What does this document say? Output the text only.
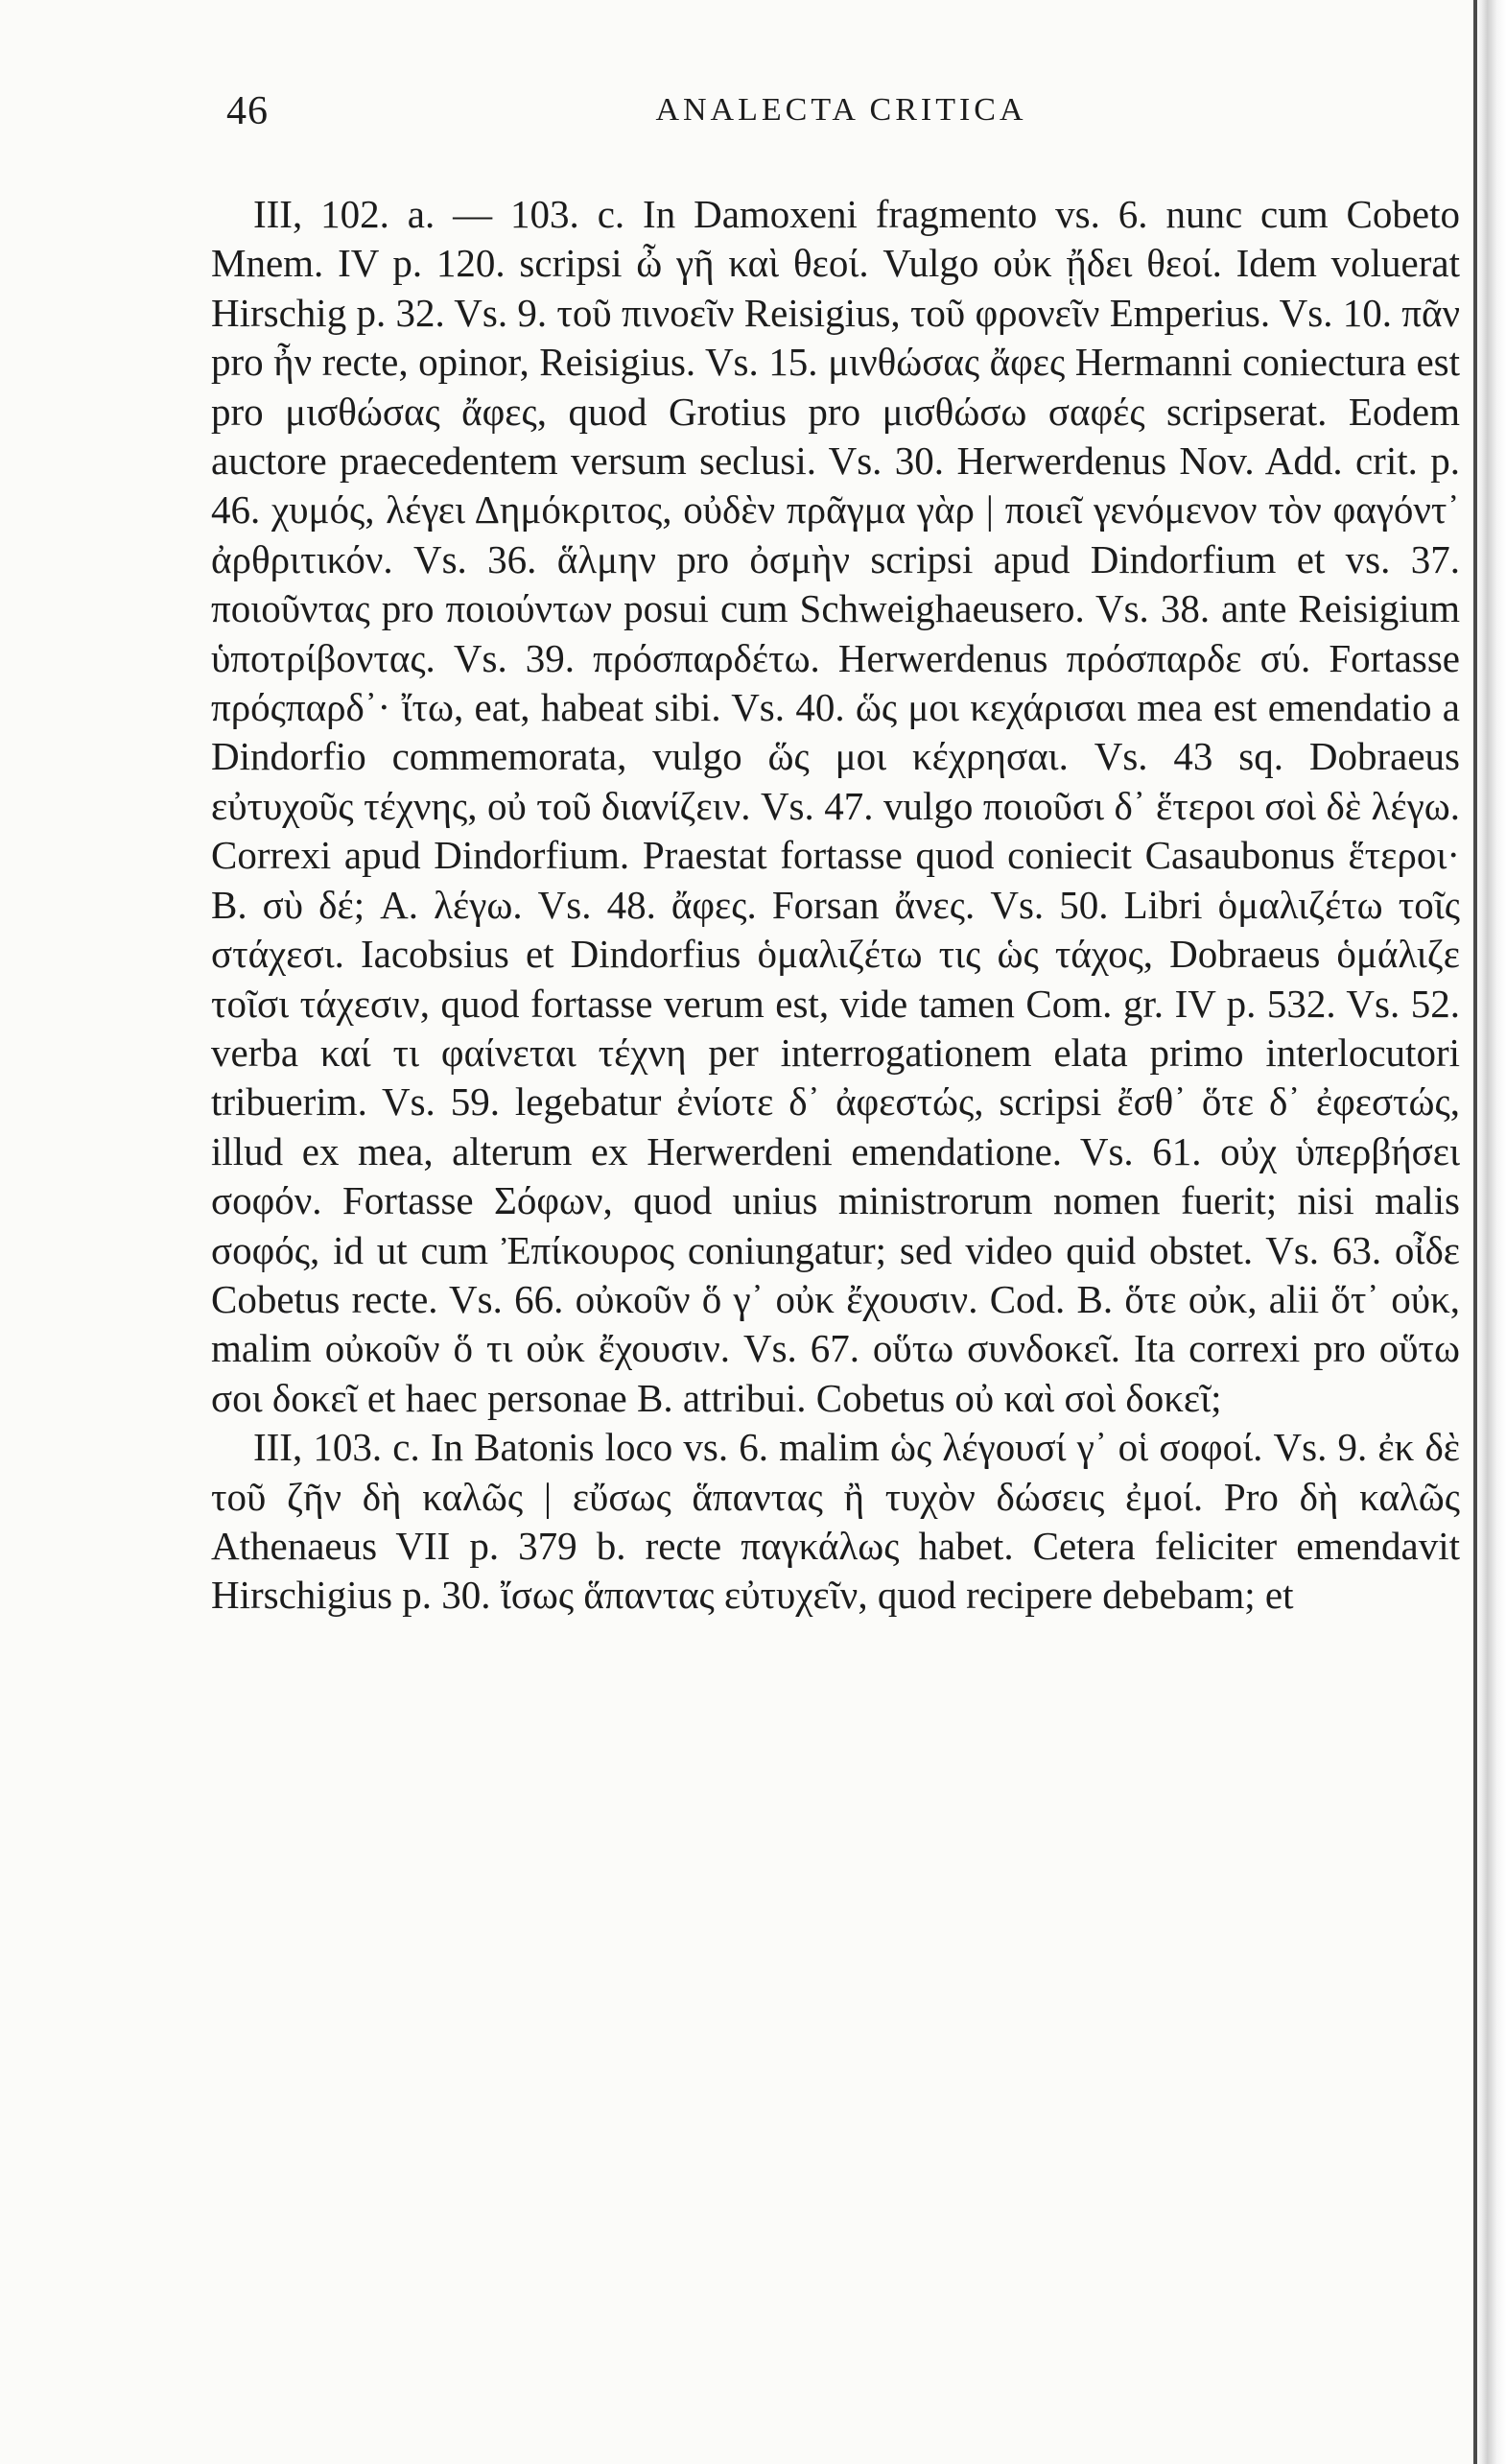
46	ANALECTA CRITICA

III, 102. a. — 103. c. In Damoxeni fragmento vs. 6. nunc cum Cobeto Mnem. IV p. 120. scripsi ὦ γῆ καὶ θεοί. Vulgo οὐκ ᾔδει θεοί. Idem voluerat Hirschig p. 32. Vs. 9. τοῦ πινοεῖν Reisigius, τοῦ φρονεῖν Emperius. Vs. 10. πᾶν pro ἦν recte, opinor, Reisigius. Vs. 15. μινθώσας ἄφες Hermanni coniectura est pro μισθώσας ἄφες, quod Grotius pro μισθώσω σαφές scripserat. Eodem auctore praecedentem versum seclusi. Vs. 30. Herwerdenus Nov. Add. crit. p. 46. χυμός, λέγει Δημόκριτος, οὐδὲν πρᾶγμα γὰρ | ποιεῖ γενόμενον τὸν φαγόντ᾽ ἀρθριτικόν. Vs. 36. ἅλμην pro ὀσμὴν scripsi apud Dindorfium et vs. 37. ποιοῦντας pro ποιούντων posui cum Schweighaeusero. Vs. 38. ante Reisigium ὑποτρίβοντας. Vs. 39. πρόσπαρδέτω. Herwerdenus πρόσπαρδε σύ. Fortasse πρόςπαρδ᾽· ἴτω, eat, habeat sibi. Vs. 40. ὥς μοι κεχάρισαι mea est emendatio a Dindorfio commemorata, vulgo ὥς μοι κέχρησαι. Vs. 43 sq. Dobraeus εὐτυχοῦς τέχνης, οὐ τοῦ διανίζειν. Vs. 47. vulgo ποιοῦσι δ᾽ ἕτεροι σοὶ δὲ λέγω. Correxi apud Dindorfium. Praestat fortasse quod coniecit Casaubonus ἕτεροι· B. σὺ δέ; A. λέγω. Vs. 48. ἄφες. Forsan ἄνες. Vs. 50. Libri ὁμαλιζέτω τοῖς στάχεσι. Iacobsius et Dindorfius ὁμαλιζέτω τις ὡς τάχος, Dobraeus ὁμάλιζε τοῖσι τάχεσιν, quod fortasse verum est, vide tamen Com. gr. IV p. 532. Vs. 52. verba καί τι φαίνεται τέχνη per interrogationem elata primo interlocutori tribuerim. Vs. 59. legebatur ἐνίοτε δ᾽ ἀφεστώς, scripsi ἔσθ᾽ ὅτε δ᾽ ἐφεστώς, illud ex mea, alterum ex Herwerdeni emendatione. Vs. 61. οὐχ ὑπερβήσει σοφόν. Fortasse Σόφων, quod unius ministrorum nomen fuerit; nisi malis σοφός, id ut cum Ἐπίκουρος coniungatur; sed video quid obstet. Vs. 63. οἶδε Cobetus recte. Vs. 66. οὐκοῦν ὅ γ᾽ οὐκ ἔχουσιν. Cod. B. ὅτε οὐκ, alii ὅτ᾽ οὐκ, malim οὐκοῦν ὅ τι οὐκ ἔχουσιν. Vs. 67. οὕτω συνδοκεῖ. Ita correxi pro οὕτω σοι δοκεῖ et haec personae B. attribui. Cobetus οὐ καὶ σοὶ δοκεῖ;

III, 103. c. In Batonis loco vs. 6. malim ὡς λέγουσί γ᾽ οἱ σοφοί. Vs. 9. ἐκ δὲ τοῦ ζῆν δὴ καλῶς | εὔσως ἅπαντας ἢ τυχὸν δώσεις ἐμοί. Pro δὴ καλῶς Athenaeus VII p. 379 b. recte παγκάλως habet. Cetera feliciter emendavit Hirschigius p. 30. ἴσως ἅπαντας εὐτυχεῖν, quod recipere debebam; et
